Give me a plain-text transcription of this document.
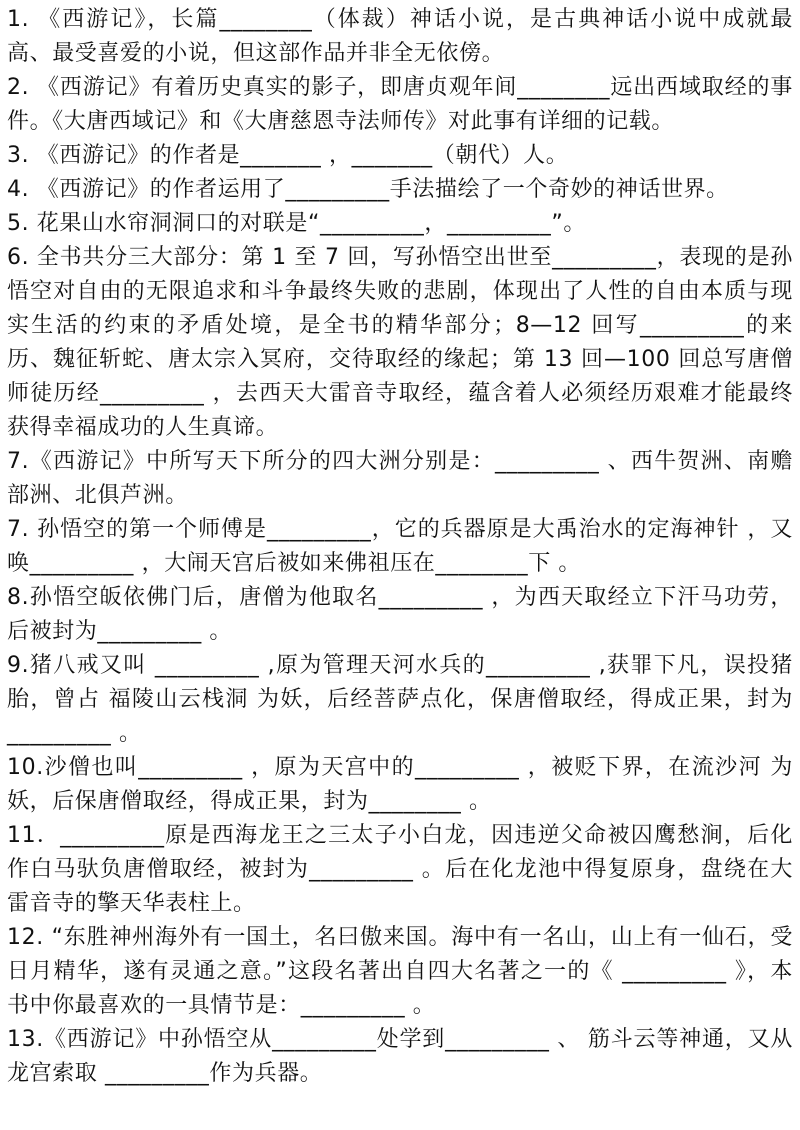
1. 《西游记》，长篇________（体裁）神话小说，是古典神话小说中成就最高、最受喜爱的小说，但这部作品并非全无依傍。

2. 《西游记》有着历史真实的影子，即唐贞观年间________远出西域取经的事件。《大唐西域记》和《大唐慈恩寺法师传》对此事有详细的记载。

3. 《西游记》的作者是_______ ，_______（朝代）人。

4. 《西游记》的作者运用了_________手法描绘了一个奇妙的神话世界。

5. 花果山水帘洞洞口的对联是“_________，_________”。

6. 全书共分三大部分：第 1 至 7 回，写孙悟空出世至_________，表现的是孙悟空对自由的无限追求和斗争最终失败的悲剧，体现出了人性的自由本质与现实生活的约束的矛盾处境，是全书的精华部分；8—12 回写_________的来历、魏征斩蛇、唐太宗入冥府，交待取经的缘起；第 13 回—100 回总写唐僧师徒历经_________ ，去西天大雷音寺取经，蕴含着人必须经历艰难才能最终获得幸福成功的人生真谛。

7.《西游记》中所写天下所分的四大洲分别是：_________ 、西牛贺洲、南赡部洲、北俱芦洲。

7. 孙悟空的第一个师傅是_________，它的兵器原是大禹治水的定海神针 ，又唤_________ ，大闹天宫后被如来佛祖压在________下 。

8.孙悟空皈依佛门后，唐僧为他取名_________ ，为西天取经立下汗马功劳，后被封为_________ 。

9.猪八戒又叫 _________ ,原为管理天河水兵的_________ ,获罪下凡，误投猪胎，曾占 福陵山云栈洞 为妖，后经菩萨点化，保唐僧取经，得成正果，封为_________ 。

10.沙僧也叫_________ ，原为天宫中的_________ ，被贬下界，在流沙河 为妖，后保唐僧取经，得成正果，封为________ 。

11．_________原是西海龙王之三太子小白龙，因违逆父命被囚鹰愁涧，后化作白马驮负唐僧取经，被封为_________ 。后在化龙池中得复原身，盘绕在大雷音寺的擎天华表柱上。

12. “东胜神州海外有一国土，名曰傲来国。海中有一名山，山上有一仙石，受日月精华，遂有灵通之意。”这段名著出自四大名著之一的《 _________ 》，本书中你最喜欢的一具情节是：_________ 。

13.《西游记》中孙悟空从_________处学到_________ 、 筋斗云等神通，又从龙宫索取 _________作为兵器。
